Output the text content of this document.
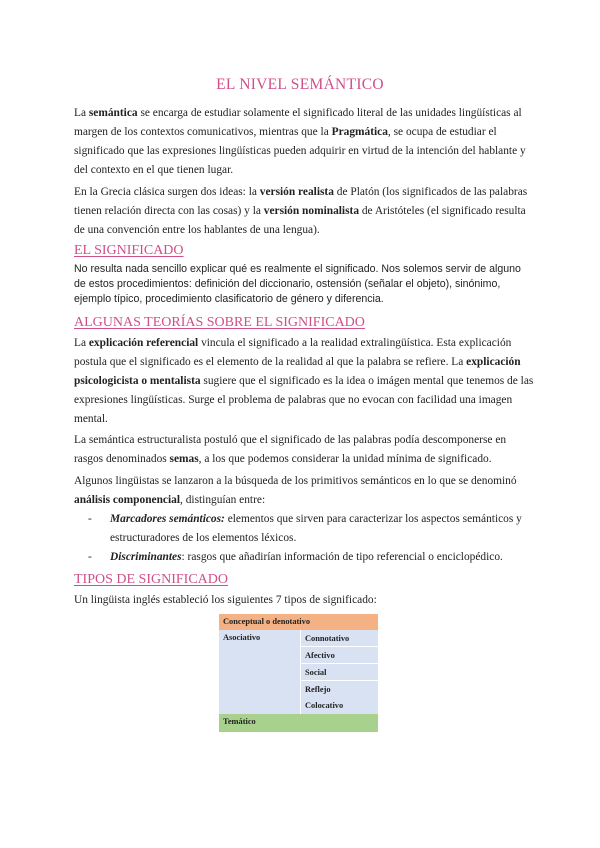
EL NIVEL SEMÁNTICO

La semántica se encarga de estudiar solamente el significado literal de las unidades lingüísticas al margen de los contextos comunicativos, mientras que la Pragmática, se ocupa de estudiar el significado que las expresiones lingüísticas pueden adquirir en virtud de la intención del hablante y del contexto en el que tienen lugar.

En la Grecia clásica surgen dos ideas: la versión realista de Platón (los significados de las palabras tienen relación directa con las cosas) y la versión nominalista de Aristóteles (el significado resulta de una convención entre los hablantes de una lengua).

EL SIGNIFICADO

No resulta nada sencillo explicar qué es realmente el significado. Nos solemos servir de alguno de estos procedimientos: definición del diccionario, ostensión (señalar el objeto), sinónimo, ejemplo típico, procedimiento clasificatorio de género y diferencia.

ALGUNAS TEORÍAS SOBRE EL SIGNIFICADO

La explicación referencial vincula el significado a la realidad extralingüística. Esta explicación postula que el significado es el elemento de la realidad al que la palabra se refiere. La explicación psicologicista o mentalista sugiere que el significado es la idea o imágen mental que tenemos de las expresiones lingüísticas. Surge el problema de palabras que no evocan con facilidad una imagen mental.

La semántica estructuralista postuló que el significado de las palabras podía descomponerse en rasgos denominados semas, a los que podemos considerar la unidad mínima de significado.

Algunos lingüistas se lanzaron a la búsqueda de los primitivos semánticos en lo que se denominó análisis componencial, distinguían entre:

- Marcadores semánticos: elementos que sirven para caracterizar los aspectos semánticos y estructuradores de los elementos léxicos.
- Discriminantes: rasgos que añadirían información de tipo referencial o enciclopédico.
TIPOS DE SIGNIFICADO

Un lingüista inglés estableció los siguientes 7 tipos de significado:

Conceptual o denotativo
Asociativo	Connotativo
Afectivo
Social
Reflejo
Colocativo
Temático
